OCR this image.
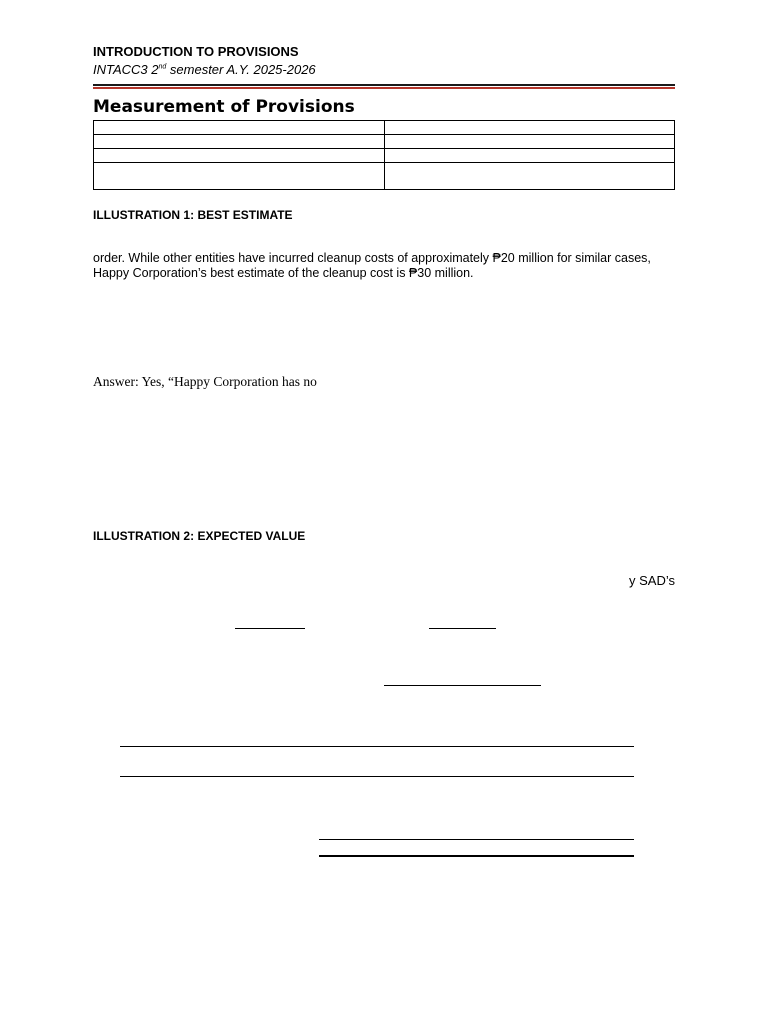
INTRODUCTION TO PROVISIONS
INTACC3 2nd semester A.Y. 2025-2026
Measurement of Provisions

ILLUSTRATION 1: BEST ESTIMATE
order. While other entities have incurred cleanup costs of approximately ₱20 million for similar cases,
Happy Corporation’s best estimate of the cleanup cost is ₱30 million.
Answer: Yes, “Happy Corporation has no
ILLUSTRATION 2: EXPECTED VALUE
y SAD’s
